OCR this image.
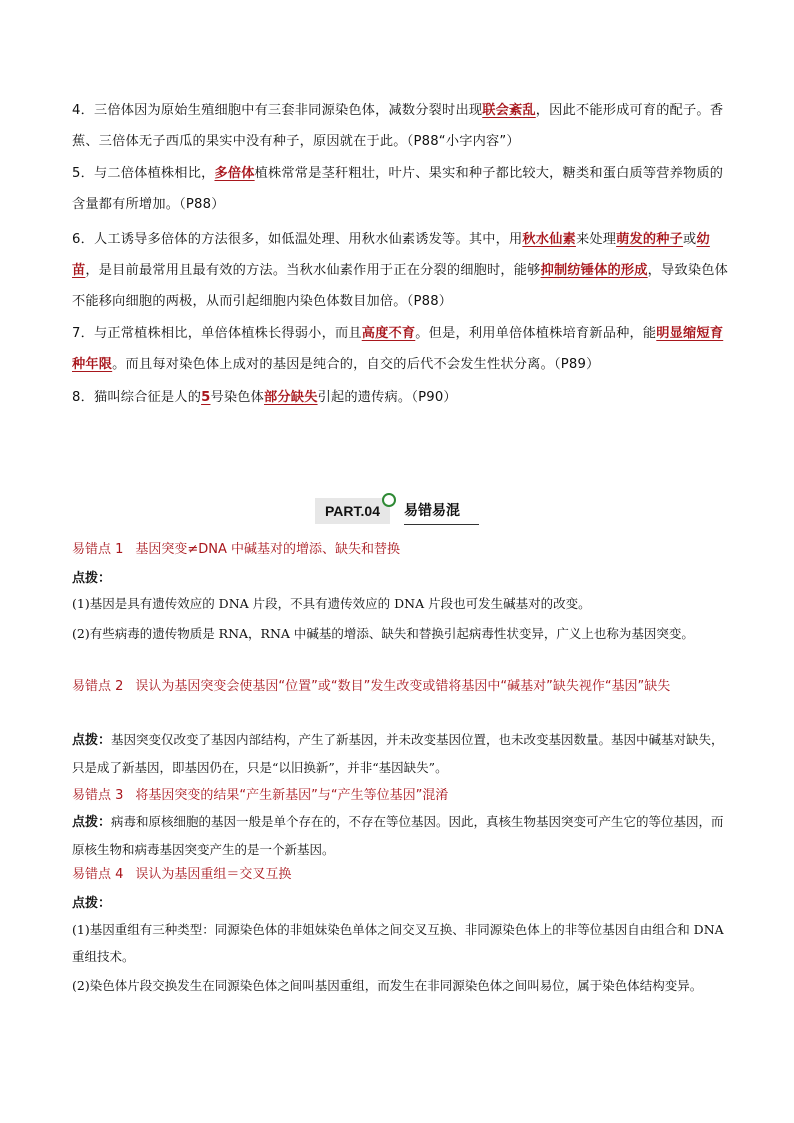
4．三倍体因为原始生殖细胞中有三套非同源染色体，减数分裂时出现联会紊乱，因此不能形成可育的配子。香蕉、三倍体无子西瓜的果实中没有种子，原因就在于此。（P88“小字内容”）
5．与二倍体植株相比，多倍体植株常常是茎秆粗壮，叶片、果实和种子都比较大，糖类和蛋白质等营养物质的含量都有所增加。（P88）
6．人工诱导多倍体的方法很多，如低温处理、用秋水仙素诱发等。其中，用秋水仙素来处理萌发的种子或幼苗，是目前最常用且最有效的方法。当秋水仙素作用于正在分裂的细胞时，能够抑制纺锤体的形成，导致染色体不能移向细胞的两极，从而引起细胞内染色体数目加倍。（P88）
7．与正常植株相比，单倍体植株长得弱小，而且高度不育。但是，利用单倍体植株培育新品种，能明显缩短育种年限。而且每对染色体上成对的基因是纯合的，自交的后代不会发生性状分离。（P89）
8．猫叫综合征是人的5号染色体部分缺失引起的遗传病。（P90）
PART.04	易错易混
易错点 1 基因突变≠DNA 中碱基对的增添、缺失和替换
点拨：
(1)基因是具有遗传效应的 DNA 片段，不具有遗传效应的 DNA 片段也可发生碱基对的改变。
(2)有些病毒的遗传物质是 RNA，RNA 中碱基的增添、缺失和替换引起病毒性状变异，广义上也称为基因突变。
易错点 2 误认为基因突变会使基因“位置”或“数目”发生改变或错将基因中“碱基对”缺失视作“基因”缺失
点拨：基因突变仅改变了基因内部结构，产生了新基因，并未改变基因位置，也未改变基因数量。基因中碱基对缺失，只是成了新基因，即基因仍在，只是“以旧换新”，并非“基因缺失”。
易错点 3 将基因突变的结果“产生新基因”与“产生等位基因”混淆
点拨：病毒和原核细胞的基因一般是单个存在的，不存在等位基因。因此，真核生物基因突变可产生它的等位基因，而原核生物和病毒基因突变产生的是一个新基因。
易错点 4 误认为基因重组＝交叉互换
点拨：
(1)基因重组有三种类型：同源染色体的非姐妹染色单体之间交叉互换、非同源染色体上的非等位基因自由组合和 DNA 重组技术。
(2)染色体片段交换发生在同源染色体之间叫基因重组，而发生在非同源染色体之间叫易位，属于染色体结构变异。
